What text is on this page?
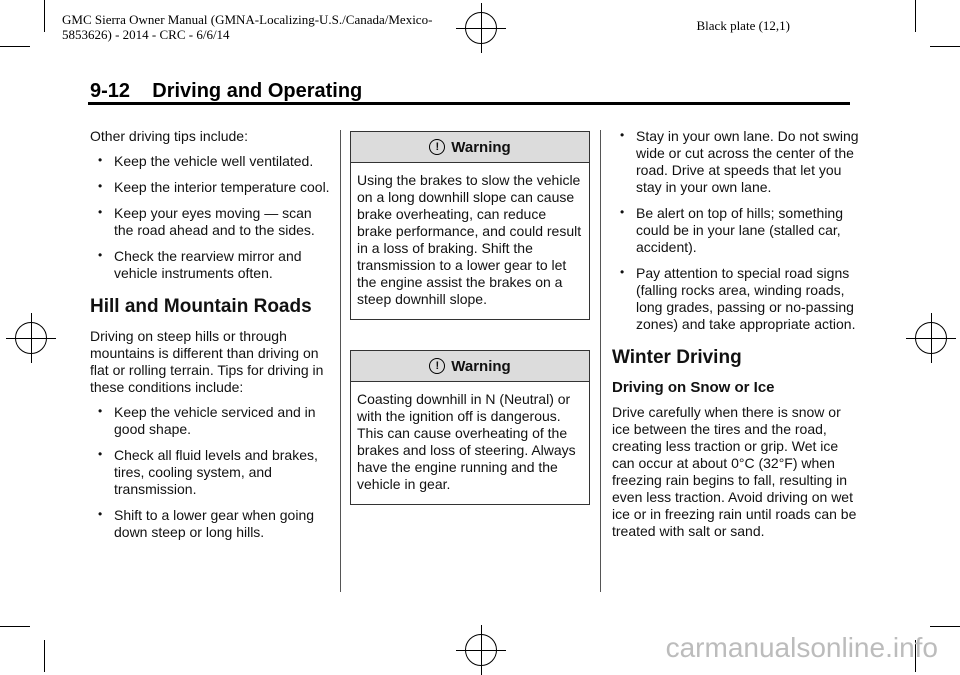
GMC Sierra Owner Manual (GMNA-Localizing-U.S./Canada/Mexico-
5853626) - 2014 - CRC - 6/6/14
Black plate (12,1)
9-12    Driving and Operating

Other driving tips include:

• Keep the vehicle well ventilated.
• Keep the interior temperature cool.
• Keep your eyes moving — scan the road ahead and to the sides.
• Check the rearview mirror and vehicle instruments often.
Hill and Mountain Roads

Driving on steep hills or through mountains is different than driving on flat or rolling terrain. Tips for driving in these conditions include:

• Keep the vehicle serviced and in good shape.
• Check all fluid levels and brakes, tires, cooling system, and transmission.
• Shift to a lower gear when going down steep or long hills.
! Warning
Using the brakes to slow the vehicle on a long downhill slope can cause brake overheating, can reduce brake performance, and could result in a loss of braking. Shift the transmission to a lower gear to let the engine assist the brakes on a steep downhill slope.
! Warning
Coasting downhill in N (Neutral) or with the ignition off is dangerous. This can cause overheating of the brakes and loss of steering. Always have the engine running and the vehicle in gear.
• Stay in your own lane. Do not swing wide or cut across the center of the road. Drive at speeds that let you stay in your own lane.
• Be alert on top of hills; something could be in your lane (stalled car, accident).
• Pay attention to special road signs (falling rocks area, winding roads, long grades, passing or no-passing zones) and take appropriate action.
Winter Driving
Driving on Snow or Ice

Drive carefully when there is snow or ice between the tires and the road, creating less traction or grip. Wet ice can occur at about 0°C (32°F) when freezing rain begins to fall, resulting in even less traction. Avoid driving on wet ice or in freezing rain until roads can be treated with salt or sand.

carmanualsonline.info
